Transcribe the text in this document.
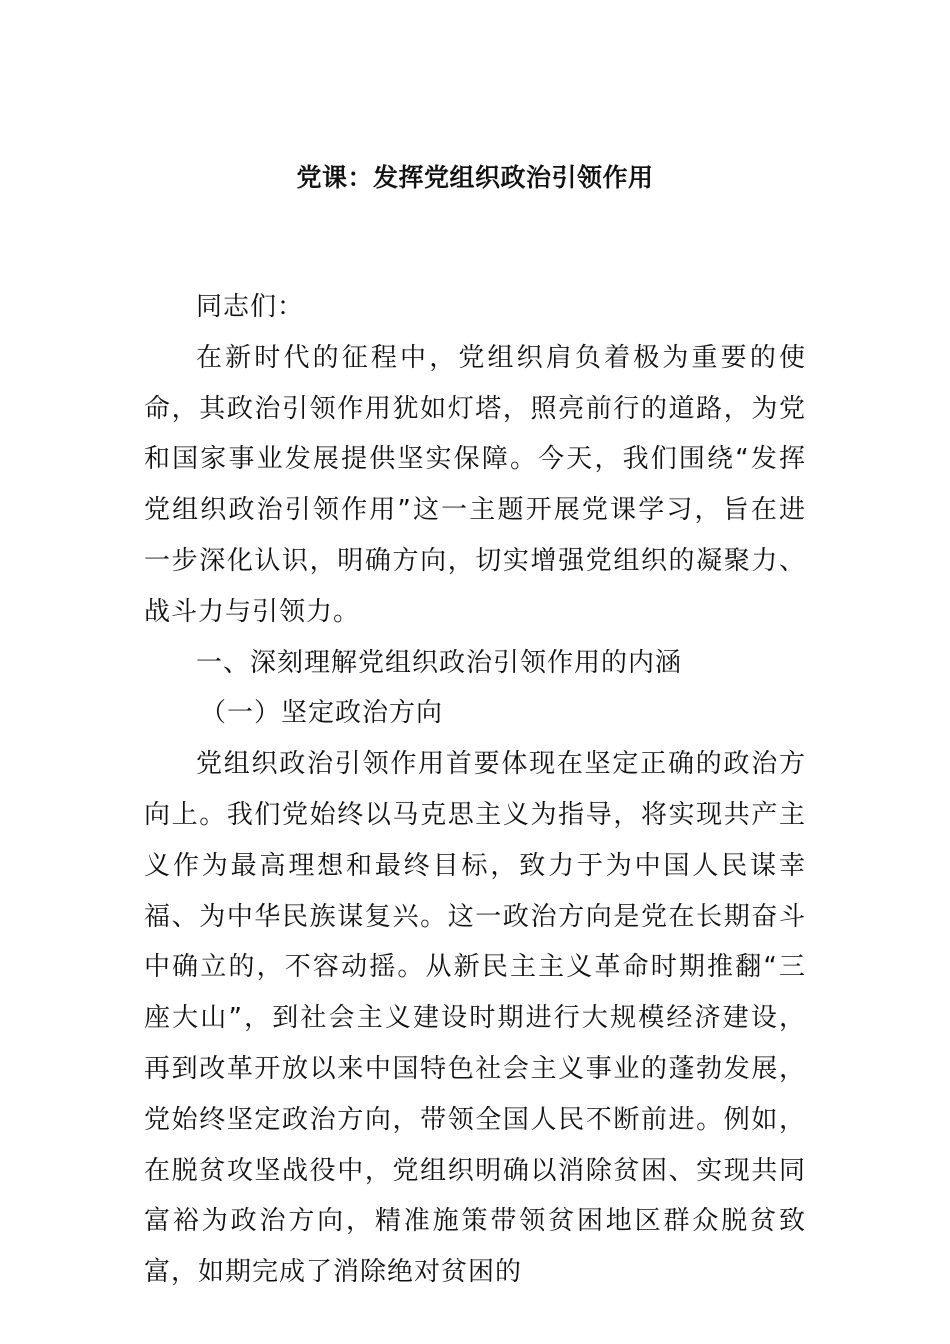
党课：发挥党组织政治引领作用

同志们：

在新时代的征程中，党组织肩负着极为重要的使命，其政治引领作用犹如灯塔，照亮前行的道路，为党和国家事业发展提供坚实保障。今天，我们围绕“发挥党组织政治引领作用”这一主题开展党课学习，旨在进一步深化认识，明确方向，切实增强党组织的凝聚力、战斗力与引领力。

一、深刻理解党组织政治引领作用的内涵

（一）坚定政治方向

党组织政治引领作用首要体现在坚定正确的政治方向上。我们党始终以马克思主义为指导，将实现共产主义作为最高理想和最终目标，致力于为中国人民谋幸福、为中华民族谋复兴。这一政治方向是党在长期奋斗中确立的，不容动摇。从新民主主义革命时期推翻“三座大山”，到社会主义建设时期进行大规模经济建设，再到改革开放以来中国特色社会主义事业的蓬勃发展，党始终坚定政治方向，带领全国人民不断前进。例如，在脱贫攻坚战役中，党组织明确以消除贫困、实现共同富裕为政治方向，精准施策带领贫困地区群众脱贫致富，如期完成了消除绝对贫困的
